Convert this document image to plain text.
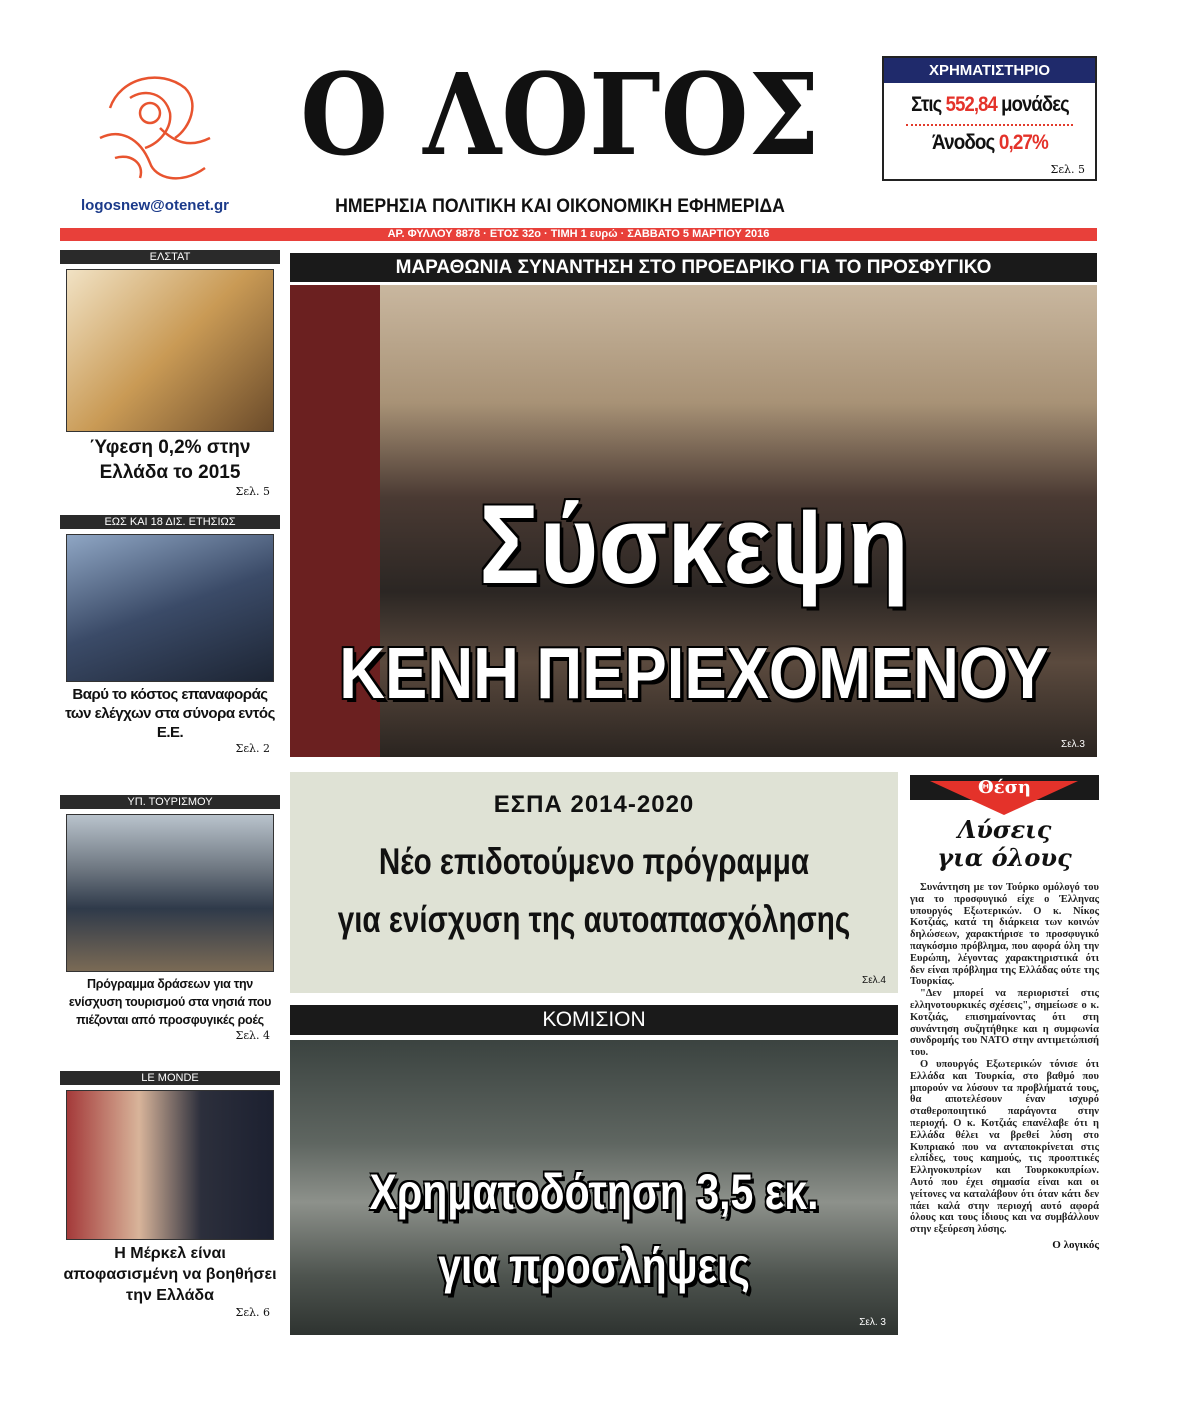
logosnew@otenet.gr
Ο ΛΟΓΟΣ
ΗΜΕΡΗΣΙΑ ΠΟΛΙΤΙΚΗ ΚΑΙ ΟΙΚΟΝΟΜΙΚΗ ΕΦΗΜΕΡΙΔΑ
ΧΡΗΜΑΤΙΣΤΗΡΙΟ
Στις 552,84 μονάδες
Άνοδος 0,27%
Σελ. 5
ΑΡ. ΦΥΛΛΟΥ 8878 · ΕΤΟΣ 32ο · ΤΙΜΗ 1 ευρώ · ΣΑΒΒΑΤΟ 5 ΜΑΡΤΙΟΥ 2016
ΕΛΣΤΑΤ
Ύφεση 0,2% στην Ελλάδα το 2015
Σελ. 5
ΕΩΣ ΚΑΙ 18 ΔΙΣ. ΕΤΗΣΙΩΣ
Βαρύ το κόστος επαναφοράς των ελέγχων στα σύνορα εντός Ε.Ε.
Σελ. 2
ΥΠ. ΤΟΥΡΙΣΜΟΥ
Πρόγραμμα δράσεων για την ενίσχυση τουρισμού στα νησιά που πιέζονται από προσφυγικές ροές
Σελ. 4
LE MONDE
Η Μέρκελ είναι αποφασισμένη να βοηθήσει την Ελλάδα
Σελ. 6
ΜΑΡΑΘΩΝΙΑ ΣΥΝΑΝΤΗΣΗ ΣΤΟ ΠΡΟΕΔΡΙΚΟ ΓΙΑ ΤΟ ΠΡΟΣΦΥΓΙΚΟ
Σύσκεψη
ΚΕΝΗ ΠΕΡΙΕΧΟΜΕΝΟΥ
Σελ.3
ΕΣΠΑ 2014-2020
Νέο επιδοτούμενο πρόγραμμα
για ενίσχυση της αυτοαπασχόλησης
Σελ.4
ΚΟΜΙΣΙΟΝ
Χρηματοδότηση 3,5 εκ.
για προσλήψεις
Σελ. 3
Θέση
Λύσεις
για όλους

Συνάντηση με τον Τούρκο ομόλογό του για το προσφυγικό είχε ο Έλληνας υπουργός Εξωτερικών. Ο κ. Νίκος Κοτζιάς, κατά τη διάρκεια των κοινών δηλώσεων, χαρακτήρισε το προσφυγικό παγκόσμιο πρόβλημα, που αφορά όλη την Ευρώπη, λέγοντας χαρακτηριστικά ότι δεν είναι πρόβλημα της Ελλάδας ούτε της Τουρκίας.

"Δεν μπορεί να περιοριστεί στις ελληνοτουρκικές σχέσεις", σημείωσε ο κ. Κοτζιάς, επισημαίνοντας ότι στη συνάντηση συζητήθηκε και η συμφωνία συνδρομής του ΝΑΤΟ στην αντιμετώπισή του.

Ο υπουργός Εξωτερικών τόνισε ότι Ελλάδα και Τουρκία, στο βαθμό που μπορούν να λύσουν τα προβλήματά τους, θα αποτελέσουν έναν ισχυρό σταθεροποιητικό παράγοντα στην περιοχή. Ο κ. Κοτζιάς επανέλαβε ότι η Ελλάδα θέλει να βρεθεί λύση στο Κυπριακό που να ανταποκρίνεται στις ελπίδες, τους καημούς, τις προοπτικές Ελληνοκυπρίων και Τουρκοκυπρίων. Αυτό που έχει σημασία είναι και οι γείτονες να καταλάβουν ότι όταν κάτι δεν πάει καλά στην περιοχή αυτό αφορά όλους και τους ίδιους και να συμβάλλουν στην εξεύρεση λύσης.

Ο λογικός
